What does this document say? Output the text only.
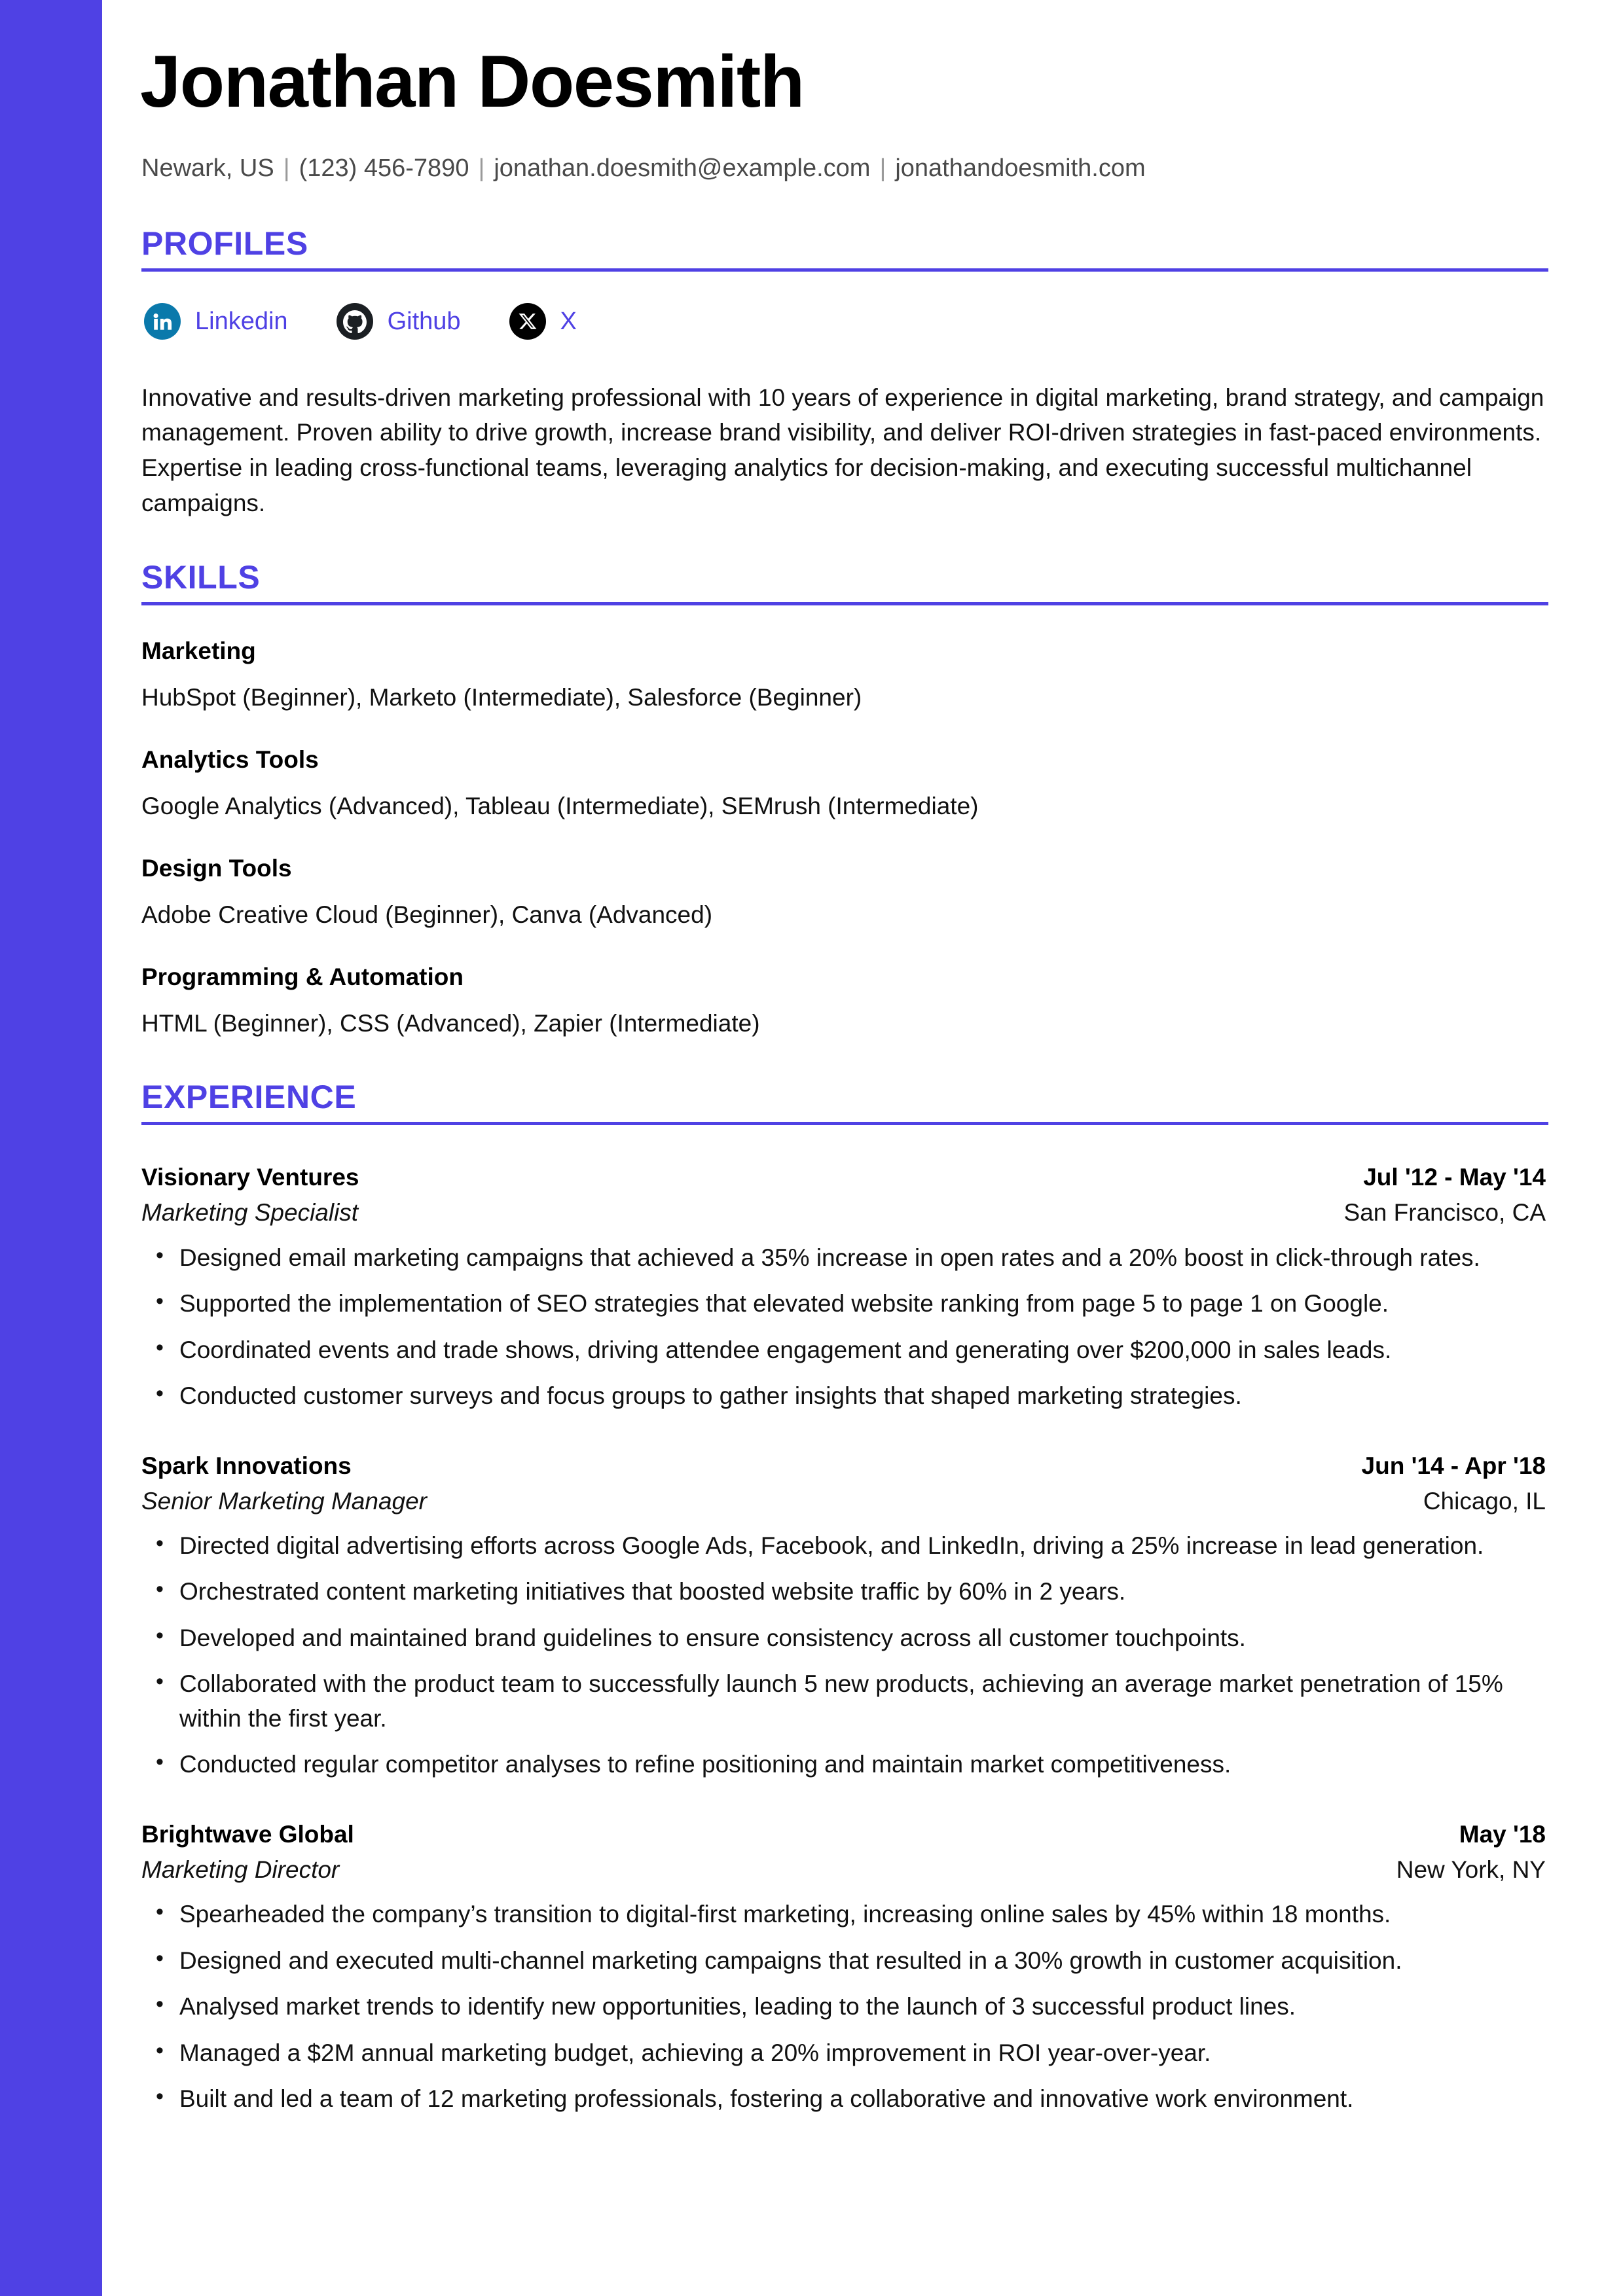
Jonathan Doesmith
Newark, US | (123) 456-7890 | jonathan.doesmith@example.com | jonathandoesmith.com
PROFILES
Linkedin	Github	X
Innovative and results-driven marketing professional with 10 years of experience in digital marketing, brand strategy, and campaign management. Proven ability to drive growth, increase brand visibility, and deliver ROI-driven strategies in fast-paced environments. Expertise in leading cross-functional teams, leveraging analytics for decision-making, and executing successful multichannel campaigns.
SKILLS
Marketing
HubSpot (Beginner), Marketo (Intermediate), Salesforce (Beginner)
Analytics Tools
Google Analytics (Advanced), Tableau (Intermediate), SEMrush (Intermediate)
Design Tools
Adobe Creative Cloud (Beginner), Canva (Advanced)
Programming & Automation
HTML (Beginner), CSS (Advanced), Zapier (Intermediate)
EXPERIENCE
Visionary Ventures	Jul '12 - May '14
Marketing Specialist	San Francisco, CA
• Designed email marketing campaigns that achieved a 35% increase in open rates and a 20% boost in click-through rates.
• Supported the implementation of SEO strategies that elevated website ranking from page 5 to page 1 on Google.
• Coordinated events and trade shows, driving attendee engagement and generating over $200,000 in sales leads.
• Conducted customer surveys and focus groups to gather insights that shaped marketing strategies.
Spark Innovations	Jun '14 - Apr '18
Senior Marketing Manager	Chicago, IL
• Directed digital advertising efforts across Google Ads, Facebook, and LinkedIn, driving a 25% increase in lead generation.
• Orchestrated content marketing initiatives that boosted website traffic by 60% in 2 years.
• Developed and maintained brand guidelines to ensure consistency across all customer touchpoints.
• Collaborated with the product team to successfully launch 5 new products, achieving an average market penetration of 15% within the first year.
• Conducted regular competitor analyses to refine positioning and maintain market competitiveness.
Brightwave Global	May '18
Marketing Director	New York, NY
• Spearheaded the company’s transition to digital-first marketing, increasing online sales by 45% within 18 months.
• Designed and executed multi-channel marketing campaigns that resulted in a 30% growth in customer acquisition.
• Analysed market trends to identify new opportunities, leading to the launch of 3 successful product lines.
• Managed a $2M annual marketing budget, achieving a 20% improvement in ROI year-over-year.
• Built and led a team of 12 marketing professionals, fostering a collaborative and innovative work environment.
